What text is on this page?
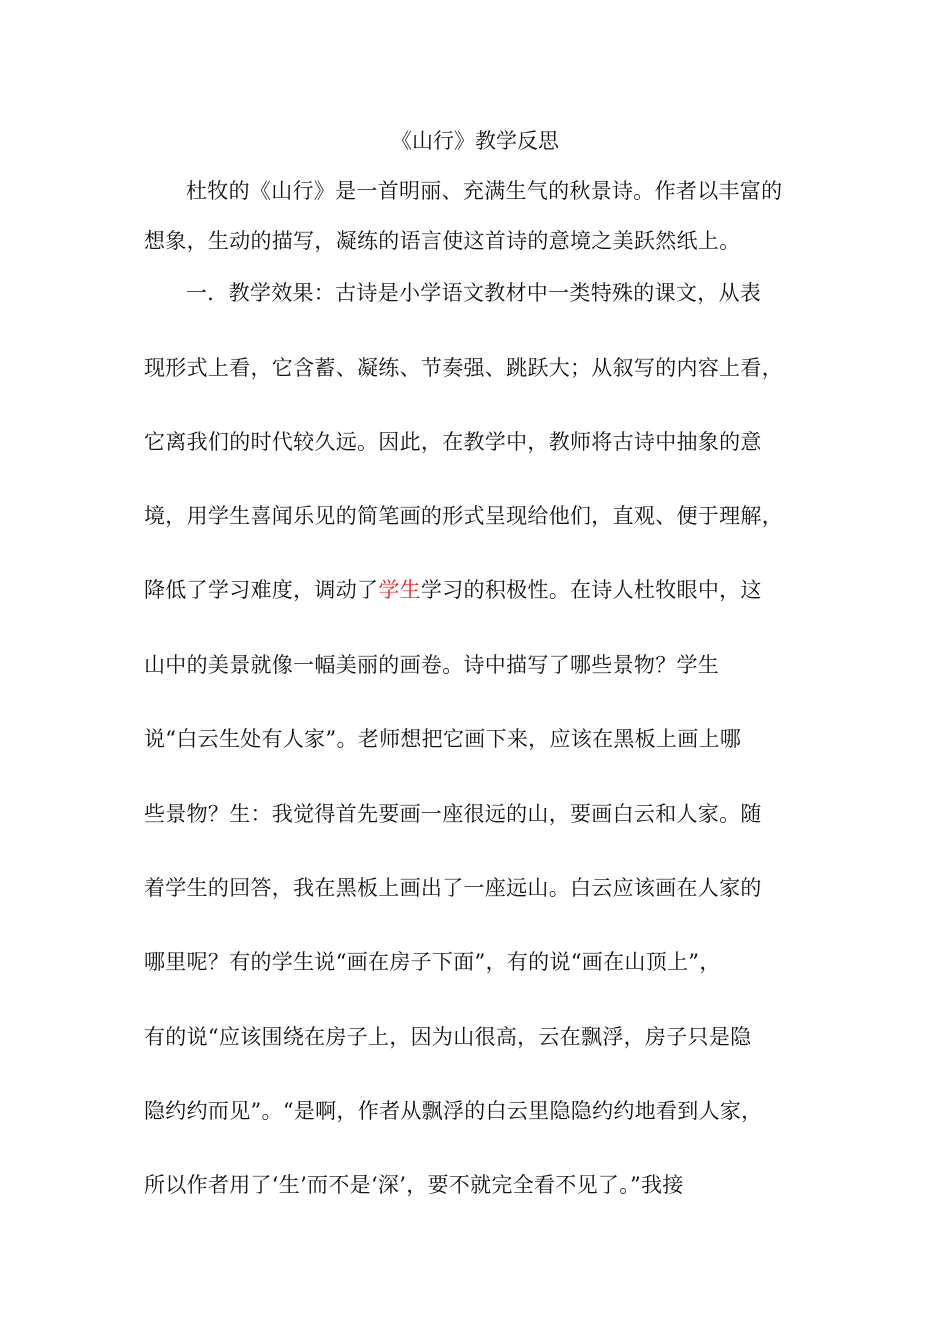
《山行》教学反思
杜牧的《山行》是一首明丽、充满生气的秋景诗。作者以丰富的
想象，生动的描写，凝练的语言使这首诗的意境之美跃然纸上。
一．教学效果：古诗是小学语文教材中一类特殊的课文，从表
现形式上看，它含蓄、凝练、节奏强、跳跃大；从叙写的内容上看，
它离我们的时代较久远。因此，在教学中，教师将古诗中抽象的意
境，用学生喜闻乐见的简笔画的形式呈现给他们，直观、便于理解，
降低了学习难度，调动了学生学习的积极性。在诗人杜牧眼中，这
山中的美景就像一幅美丽的画卷。诗中描写了哪些景物？学生
说“白云生处有人家”。老师想把它画下来，应该在黑板上画上哪
些景物？生：我觉得首先要画一座很远的山，要画白云和人家。随
着学生的回答，我在黑板上画出了一座远山。白云应该画在人家的
哪里呢？有的学生说“画在房子下面”，有的说“画在山顶上”，
有的说“应该围绕在房子上，因为山很高，云在飘浮，房子只是隐
隐约约而见”。“是啊，作者从飘浮的白云里隐隐约约地看到人家，
所以作者用了‘生’而不是‘深’，要不就完全看不见了。”我接
